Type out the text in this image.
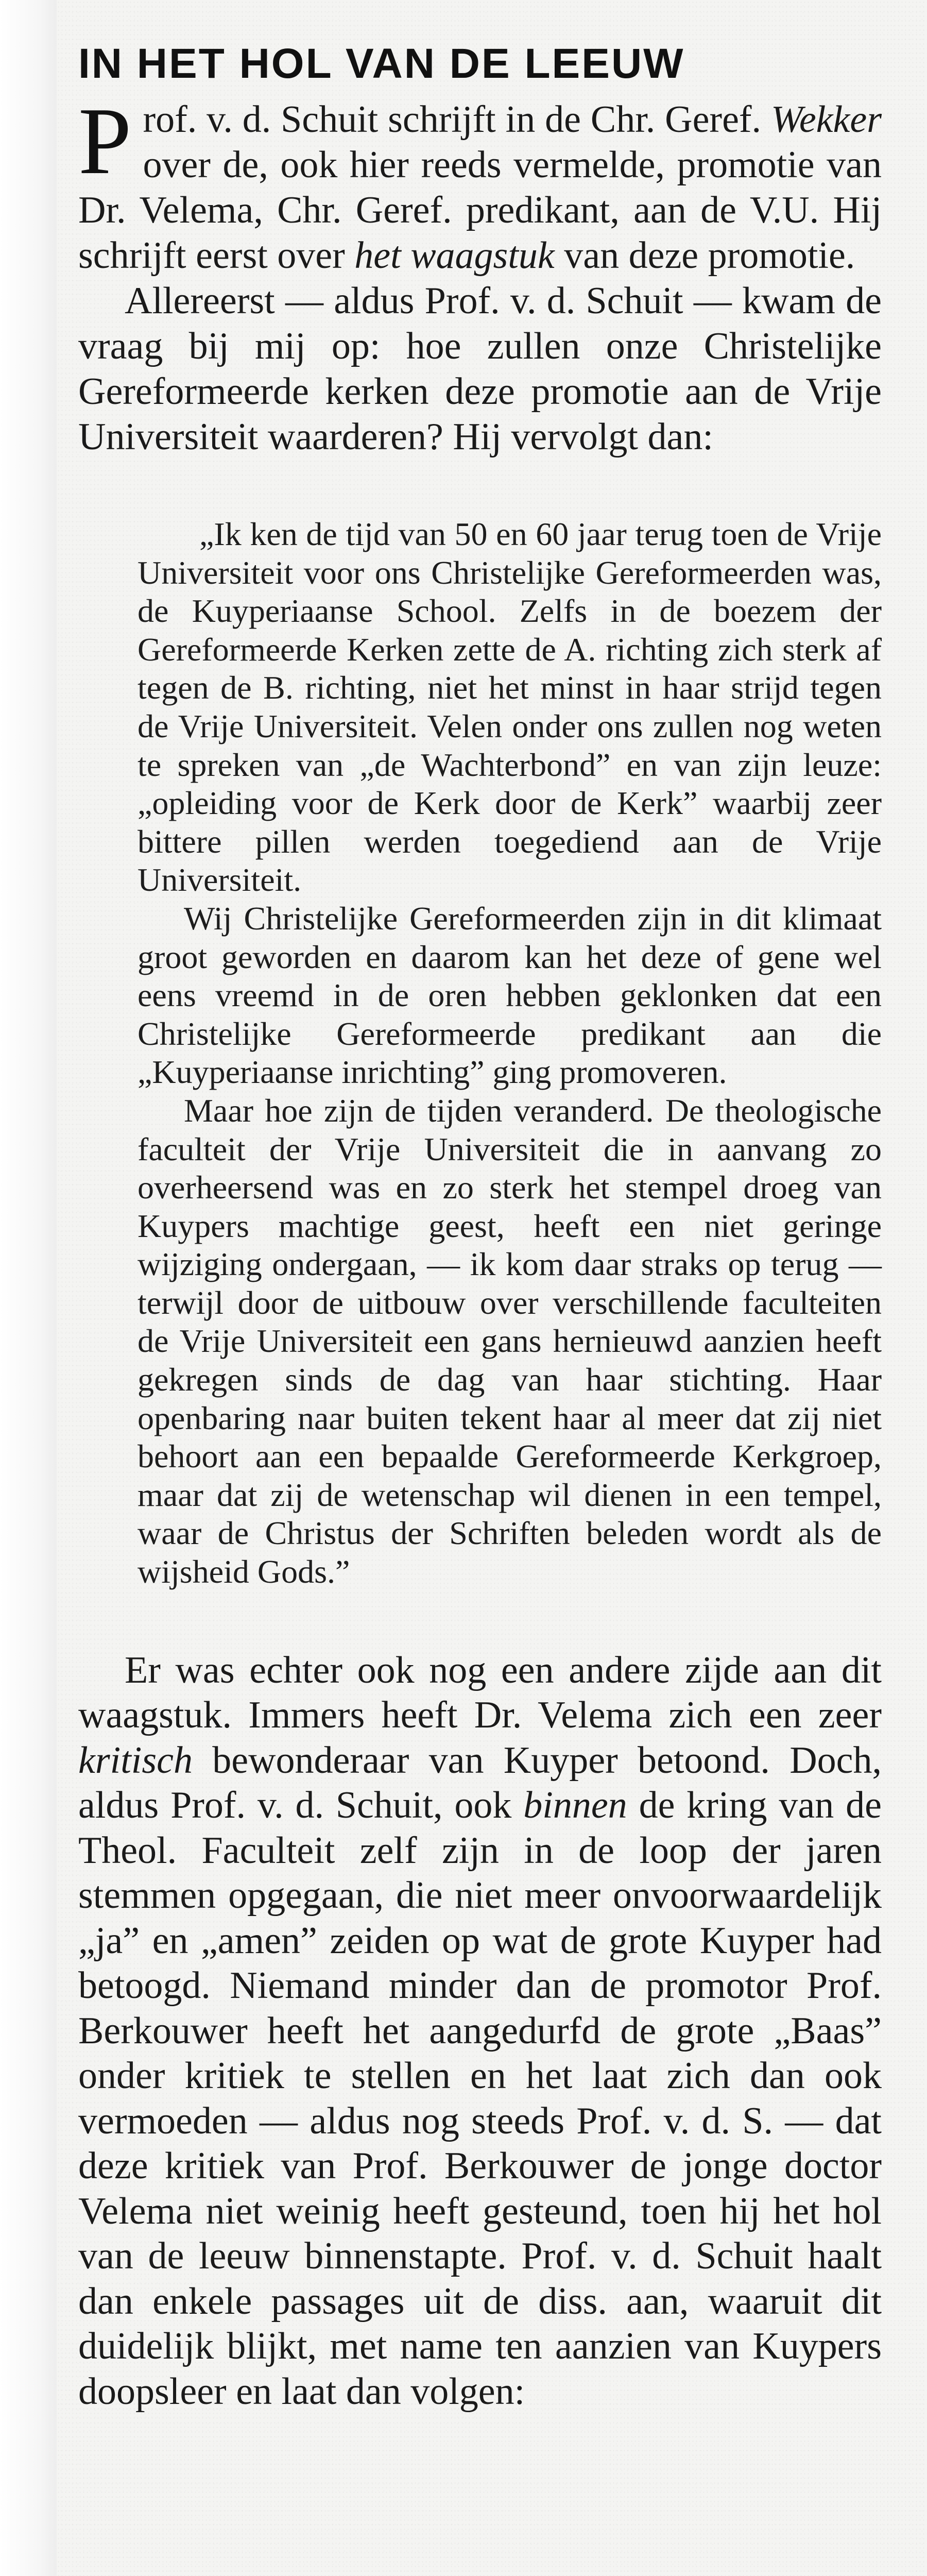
IN HET HOL VAN DE LEEUW

Prof. v. d. Schuit schrijft in de Chr. Geref. Wekker over de, ook hier reeds vermelde, promotie van Dr. Velema, Chr. Geref. predikant, aan de V.U. Hij schrijft eerst over het waagstuk van deze promotie.

Allereerst — aldus Prof. v. d. Schuit — kwam de vraag bij mij op: hoe zullen onze Christelijke Gereformeerde kerken deze promotie aan de Vrije Universiteit waarderen? Hij vervolgt dan:

„Ik ken de tijd van 50 en 60 jaar terug toen de Vrije Universiteit voor ons Christelijke Gereformeerden was, de Kuyperiaanse School. Zelfs in de boezem der Gereformeerde Kerken zette de A. richting zich sterk af tegen de B. richting, niet het minst in haar strijd tegen de Vrije Universiteit. Velen onder ons zullen nog weten te spreken van „de Wachterbond” en van zijn leuze: „opleiding voor de Kerk door de Kerk” waarbij zeer bittere pillen werden toegediend aan de Vrije Universiteit.

Wij Christelijke Gereformeerden zijn in dit klimaat groot geworden en daarom kan het deze of gene wel eens vreemd in de oren hebben geklonken dat een Christelijke Gereformeerde predikant aan die „Kuyperiaanse inrichting” ging promoveren.

Maar hoe zijn de tijden veranderd. De theologische faculteit der Vrije Universiteit die in aanvang zo overheersend was en zo sterk het stempel droeg van Kuypers machtige geest, heeft een niet geringe wijziging ondergaan, — ik kom daar straks op terug — terwijl door de uitbouw over verschillende faculteiten de Vrije Universiteit een gans hernieuwd aanzien heeft gekregen sinds de dag van haar stichting. Haar openbaring naar buiten tekent haar al meer dat zij niet behoort aan een bepaalde Gereformeerde Kerkgroep, maar dat zij de wetenschap wil dienen in een tempel, waar de Christus der Schriften beleden wordt als de wijsheid Gods.”

Er was echter ook nog een andere zijde aan dit waagstuk. Immers heeft Dr. Velema zich een zeer kritisch bewonderaar van Kuyper betoond. Doch, aldus Prof. v. d. Schuit, ook binnen de kring van de Theol. Faculteit zelf zijn in de loop der jaren stemmen opgegaan, die niet meer onvoorwaardelijk „ja” en „amen” zeiden op wat de grote Kuyper had betoogd. Niemand minder dan de promotor Prof. Berkouwer heeft het aangedurfd de grote „Baas” onder kritiek te stellen en het laat zich dan ook vermoeden — aldus nog steeds Prof. v. d. S. — dat deze kritiek van Prof. Berkouwer de jonge doctor Velema niet weinig heeft gesteund, toen hij het hol van de leeuw binnenstapte. Prof. v. d. Schuit haalt dan enkele passages uit de diss. aan, waaruit dit duidelijk blijkt, met name ten aanzien van Kuypers doopsleer en laat dan volgen:
